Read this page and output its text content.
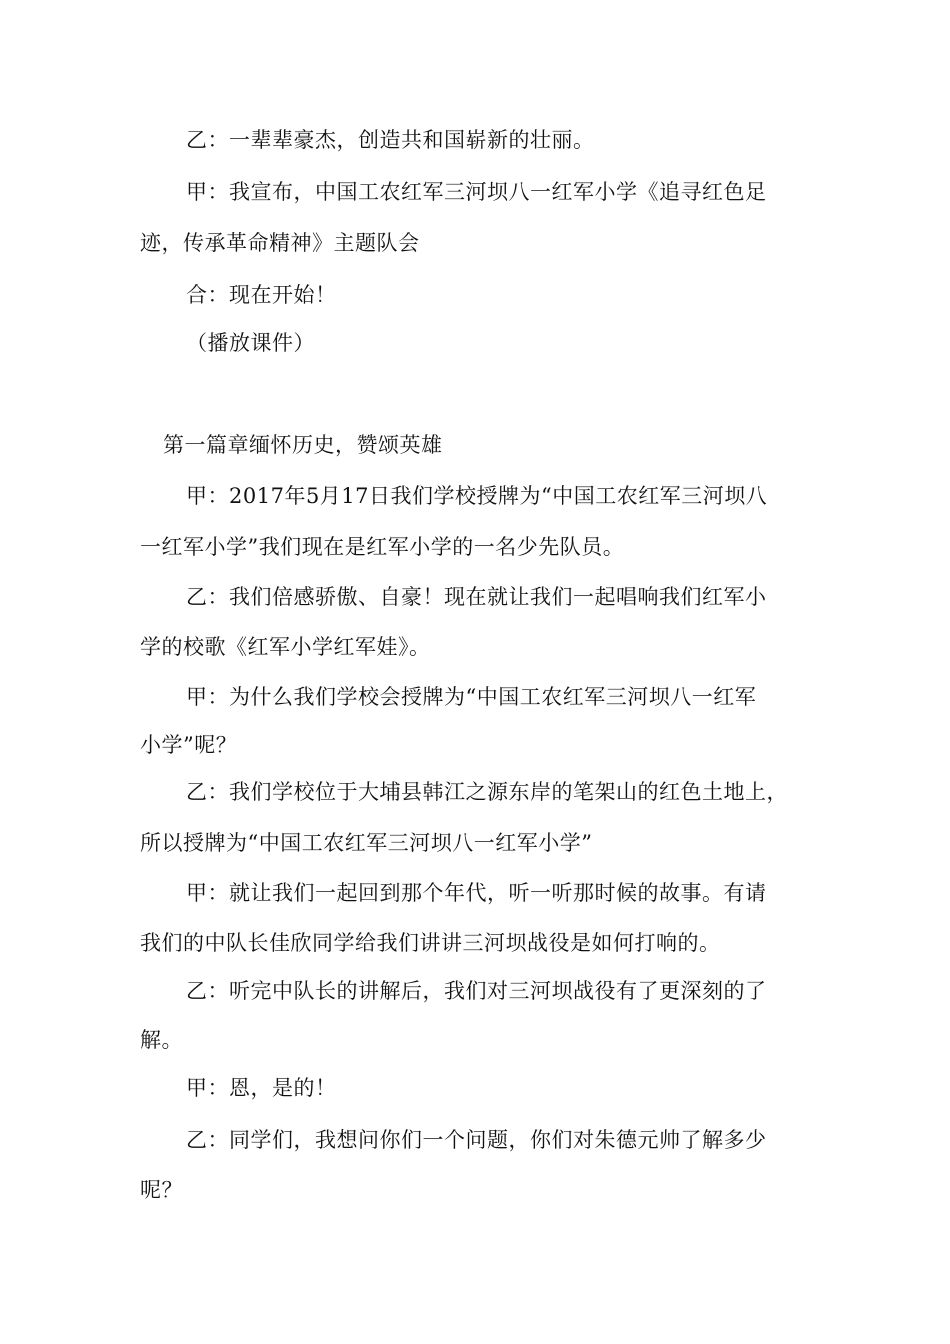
乙：一辈辈豪杰，创造共和国崭新的壮丽。
甲：我宣布，中国工农红军三河坝八一红军小学《追寻红色足
迹，传承革命精神》主题队会
合：现在开始！
（播放课件）
第一篇章缅怀历史，赞颂英雄
甲：2017年5月17日我们学校授牌为“中国工农红军三河坝八
一红军小学”我们现在是红军小学的一名少先队员。
乙：我们倍感骄傲、自豪！现在就让我们一起唱响我们红军小
学的校歌《红军小学红军娃》。
甲：为什么我们学校会授牌为“中国工农红军三河坝八一红军
小学”呢？
乙：我们学校位于大埔县韩江之源东岸的笔架山的红色土地上，
所以授牌为“中国工农红军三河坝八一红军小学”
甲：就让我们一起回到那个年代，听一听那时候的故事。有请
我们的中队长佳欣同学给我们讲讲三河坝战役是如何打响的。
乙：听完中队长的讲解后，我们对三河坝战役有了更深刻的了
解。
甲：恩，是的！
乙：同学们，我想问你们一个问题，你们对朱德元帅了解多少
呢？
